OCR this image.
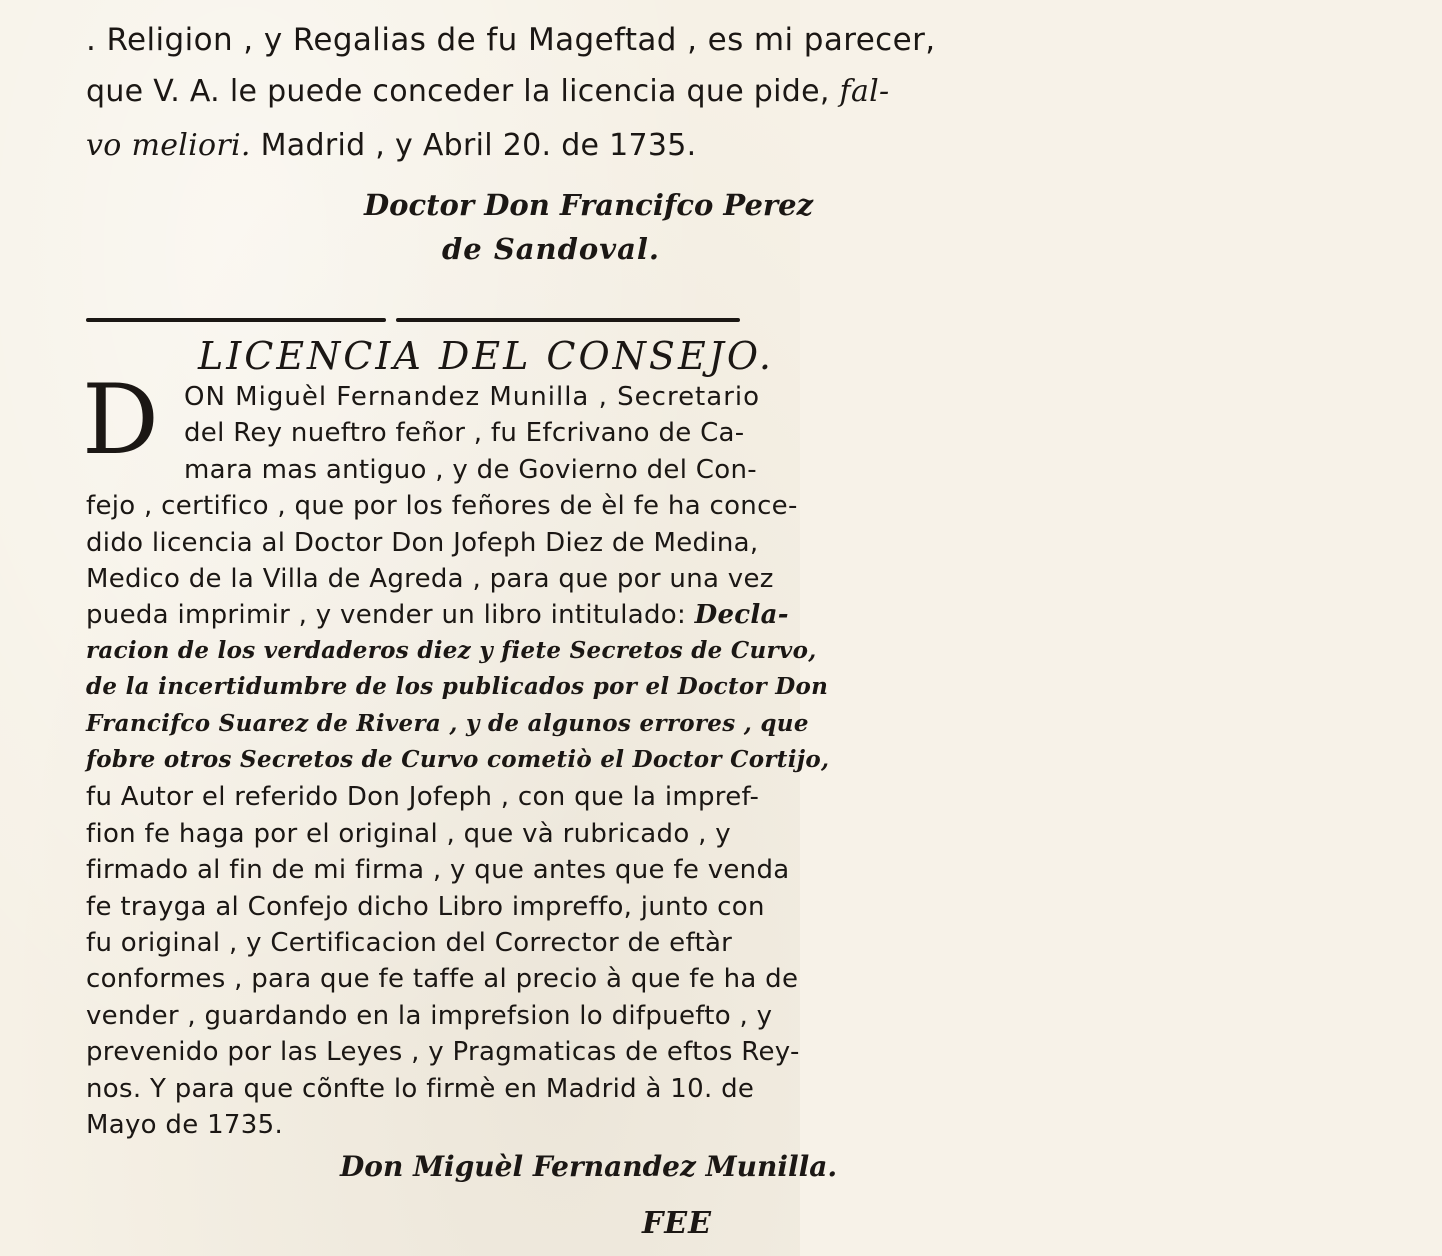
. Religion , y Regalias de fu Mageftad , es mi parecer,
que V. A. le puede conceder la licencia que pide, fal-
vo meliori. Madrid , y Abril 20. de 1735.
Doctor Don Francifco Perez
de Sandoval.
LICENCIA DEL CONSEJO.
D ON Miguèl Fernandez Munilla , Secretario
del Rey nueftro feñor , fu Efcrivano de Ca-
mara mas antiguo , y de Govierno del Con-
fejo , certifico , que por los feñores de èl fe ha conce-
dido licencia al Doctor Don Jofeph Diez de Medina,
Medico de la Villa de Agreda , para que por una vez
pueda imprimir , y vender un libro intitulado: Decla-
racion de los verdaderos diez y fiete Secretos de Curvo,
de la incertidumbre de los publicados por el Doctor Don
Francifco Suarez de Rivera , y de algunos errores , que
fobre otros Secretos de Curvo cometiò el Doctor Cortijo,
fu Autor el referido Don Jofeph , con que la impref-
fion fe haga por el original , que và rubricado , y
firmado al fin de mi firma , y que antes que fe venda
fe trayga al Confejo dicho Libro impreffo, junto con
fu original , y Certificacion del Corrector de eftàr
conformes , para que fe taffe al precio à que fe ha de
vender , guardando en la imprefsion lo difpuefto , y
prevenido por las Leyes , y Pragmaticas de eftos Rey-
nos. Y para que cõnfte lo firmè en Madrid à 10. de
Mayo de 1735.
Don Miguèl Fernandez Munilla.
FEE
